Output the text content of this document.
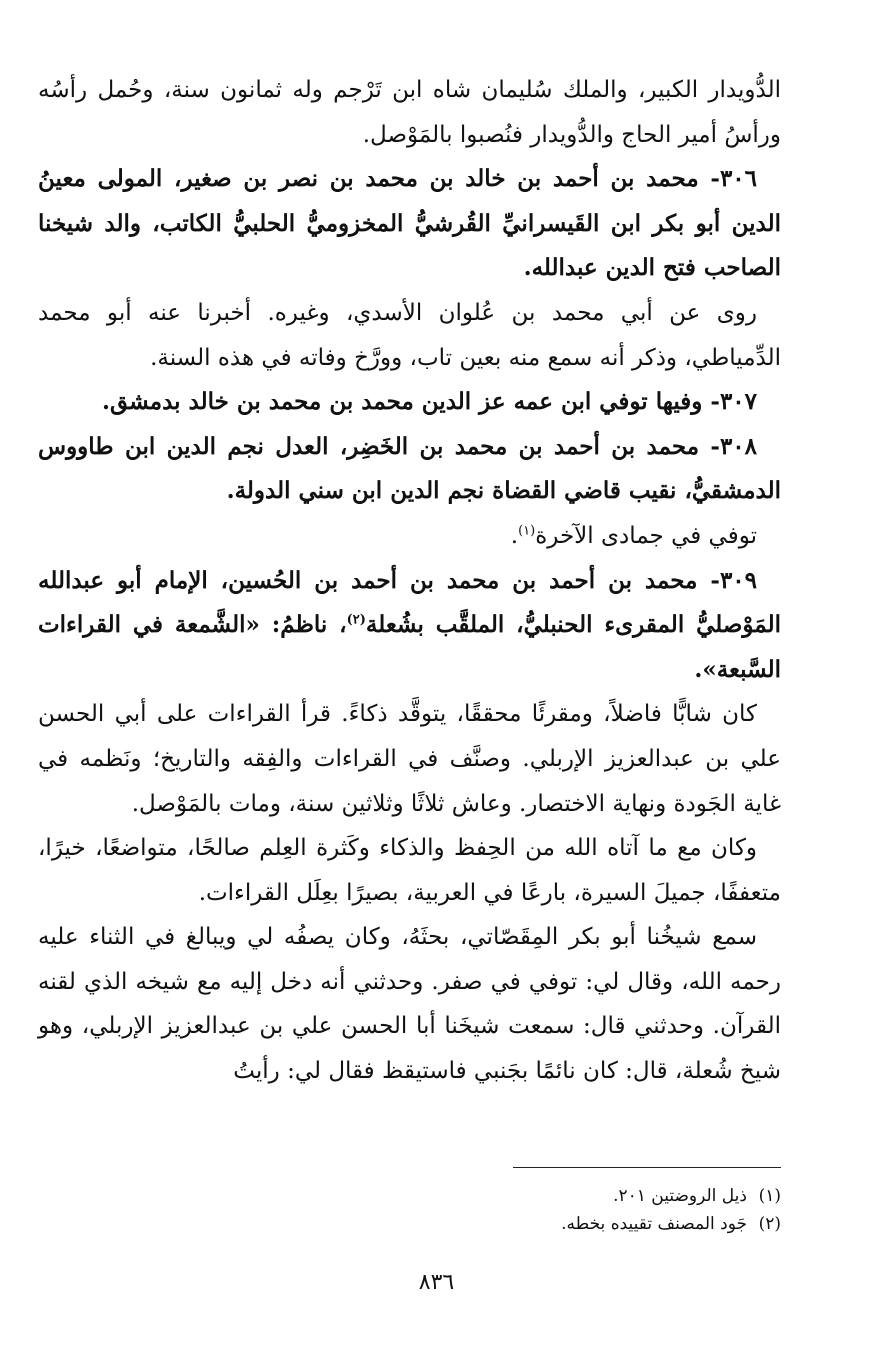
الدُّويدار الكبير، والملك سُليمان شاه ابن تَرْجم وله ثمانون سنة، وحُمل رأسُه ورأسُ أمير الحاج والدُّويدار فنُصبوا بالمَوْصل.

٣٠٦- محمد بن أحمد بن خالد بن محمد بن نصر بن صغير، المولى معينُ الدين أبو بكر ابن القَيسرانيِّ القُرشيُّ المخزوميُّ الحلبيُّ الكاتب، والد شيخنا الصاحب فتح الدين عبدالله.

روى عن أبي محمد بن عُلوان الأسدي، وغيره. أخبرنا عنه أبو محمد الدِّمياطي، وذكر أنه سمع منه بعين تاب، وورَّخ وفاته في هذه السنة.

٣٠٧- وفيها توفي ابن عمه عز الدين محمد بن محمد بن خالد بدمشق.

٣٠٨- محمد بن أحمد بن محمد بن الخَضِر، العدل نجم الدين ابن طاووس الدمشقيُّ، نقيب قاضي القضاة نجم الدين ابن سني الدولة.

توفي في جمادى الآخرة$^{(١)}$.

٣٠٩- محمد بن أحمد بن محمد بن أحمد بن الحُسين، الإمام أبو عبدالله المَوْصليُّ المقرىء الحنبليُّ، الملقَّب بشُعلة$^{(٢)}$، ناظمُ: «الشَّمعة في القراءات السَّبعة».

كان شابًّا فاضلاً، ومقرئًا محققًا، يتوقَّد ذكاءً. قرأ القراءات على أبي الحسن علي بن عبدالعزيز الإربلي. وصنَّف في القراءات والفِقه والتاريخ؛ ونَظمه في غاية الجَودة ونهاية الاختصار. وعاش ثلاثًا وثلاثين سنة، ومات بالمَوْصل.

وكان مع ما آتاه الله من الحِفظ والذكاء وكَثرة العِلم صالحًا، متواضعًا، خيرًا، متعففًا، جميلَ السيرة، بارعًا في العربية، بصيرًا بعِلَل القراءات.

سمع شيخُنا أبو بكر المِقَصّاتي، بحثَهُ، وكان يصفُه لي ويبالغ في الثناء عليه رحمه الله، وقال لي: توفي في صفر. وحدثني أنه دخل إليه مع شيخه الذي لقنه القرآن. وحدثني قال: سمعت شيخَنا أبا الحسن علي بن عبدالعزيز الإربلي، وهو شيخ شُعلة، قال: كان نائمًا بجَنبي فاستيقظ فقال لي: رأيتُ

(١)ذيل الروضتين ٢٠١.

(٢)جَود المصنف تقييده بخطه.

٨٣٦
